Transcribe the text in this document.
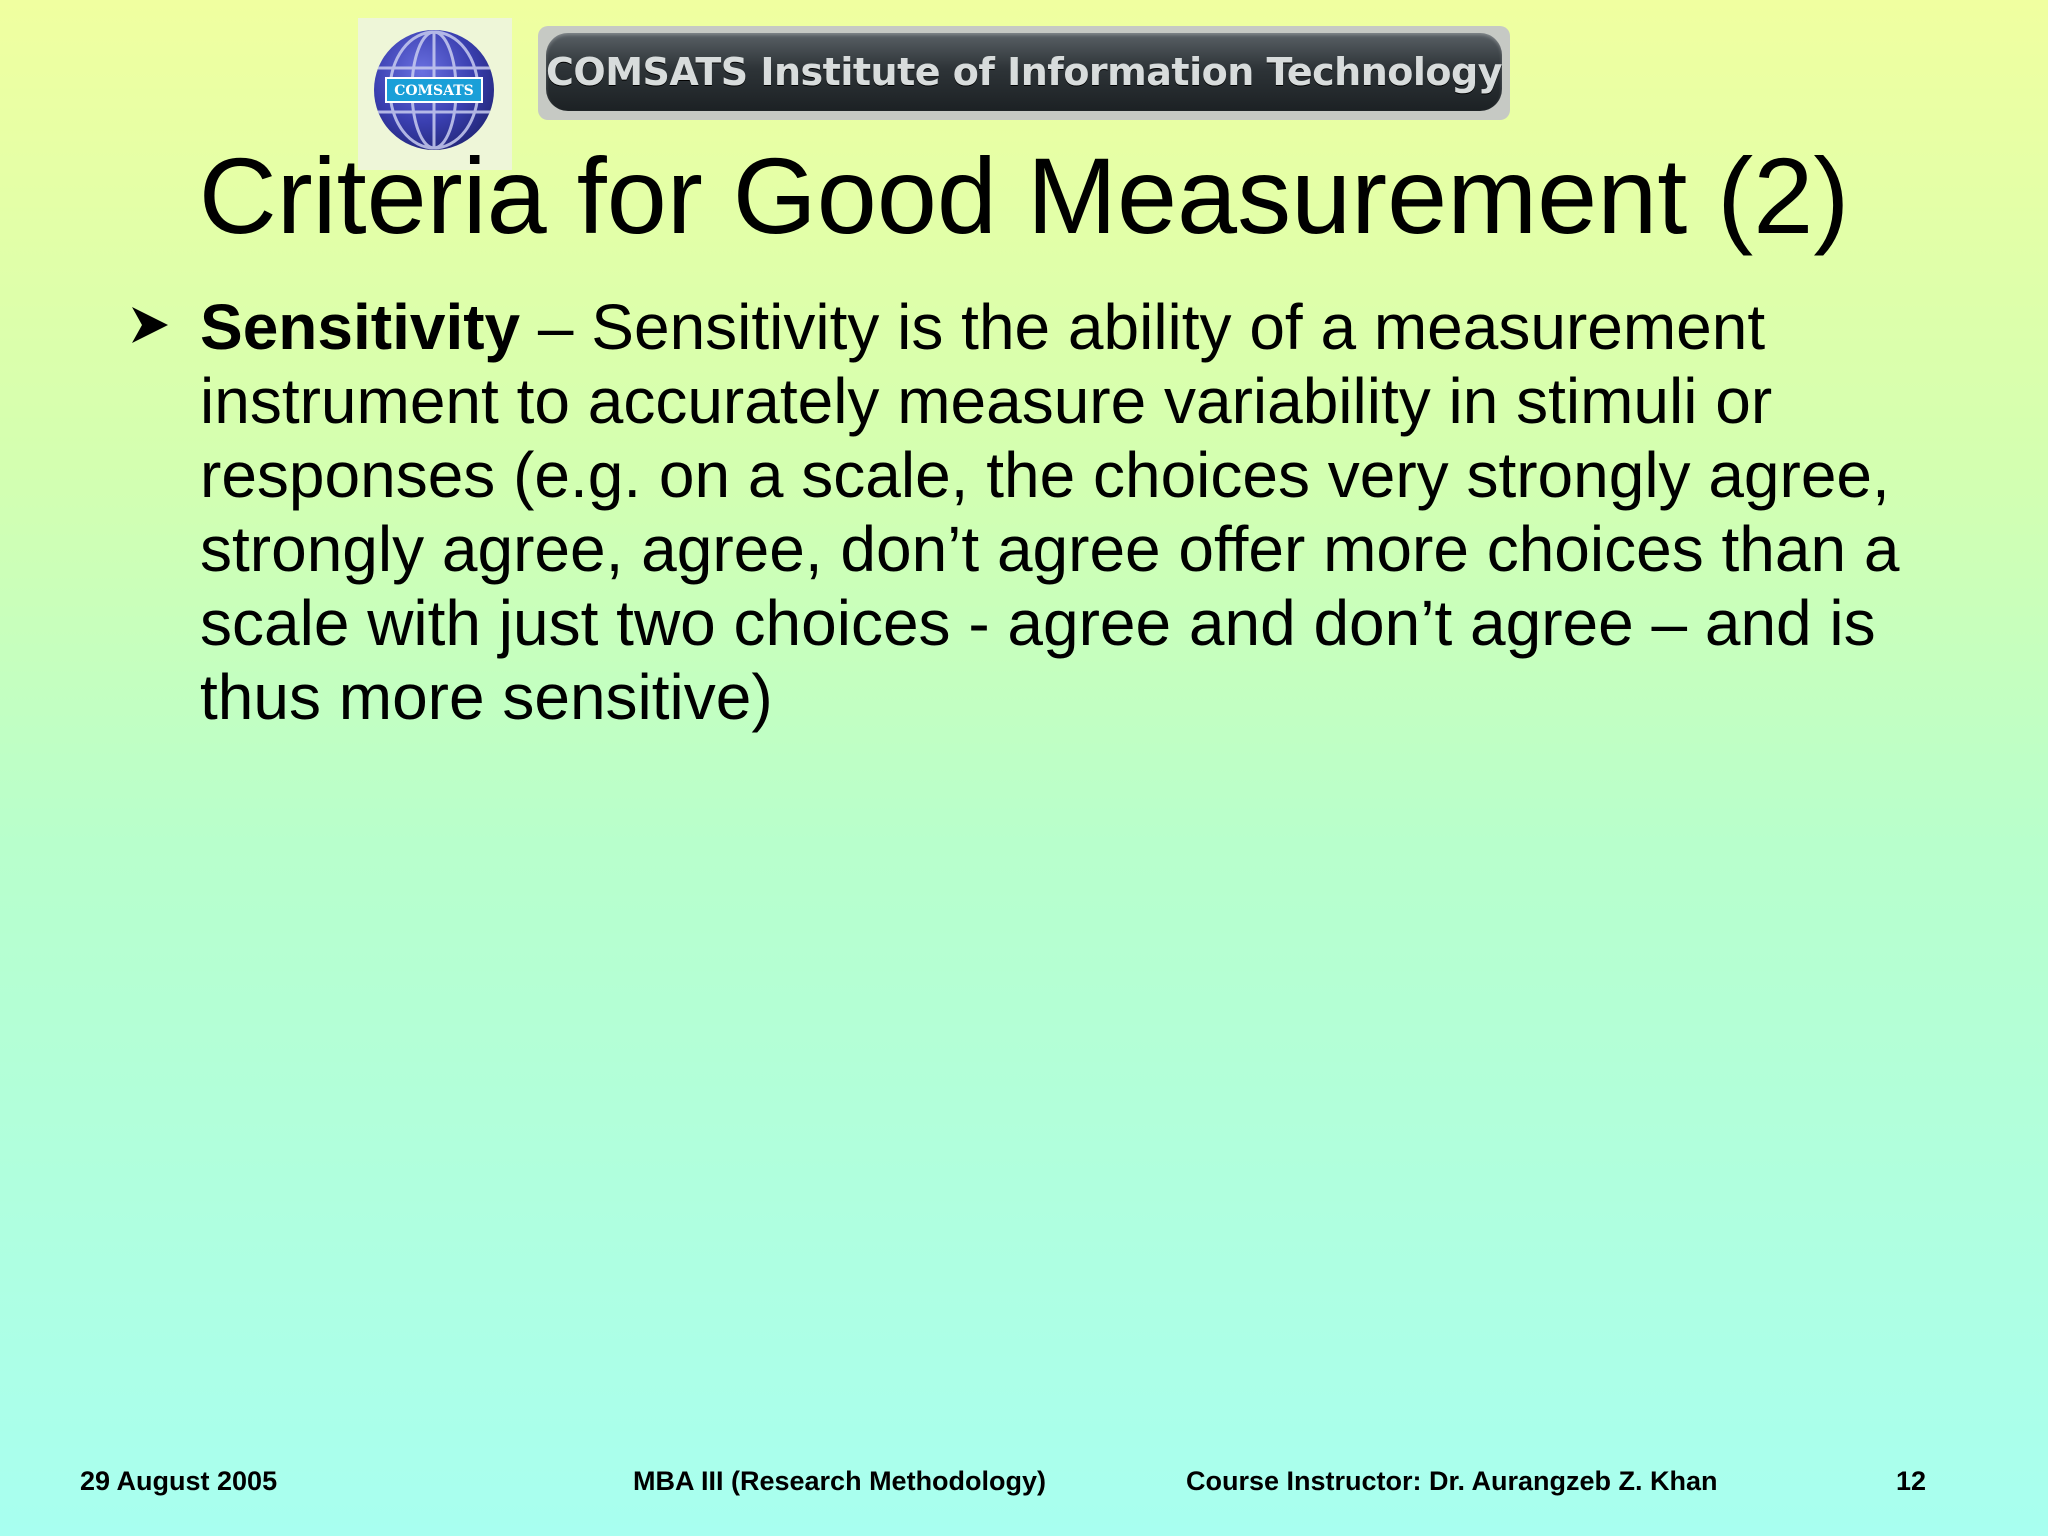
COMSATS COMSATS Institute of Information Technology
Criteria for Good Measurement (2)
Sensitivity – Sensitivity is the ability of a measurement instrument to accurately measure variability in stimuli or responses (e.g. on a scale, the choices very strongly agree, strongly agree, agree, don’t agree offer more choices than a scale with just two choices - agree and don’t agree – and is thus more sensitive)
29 August 2005	MBA III (Research Methodology)	Course Instructor: Dr. Aurangzeb Z. Khan	12
